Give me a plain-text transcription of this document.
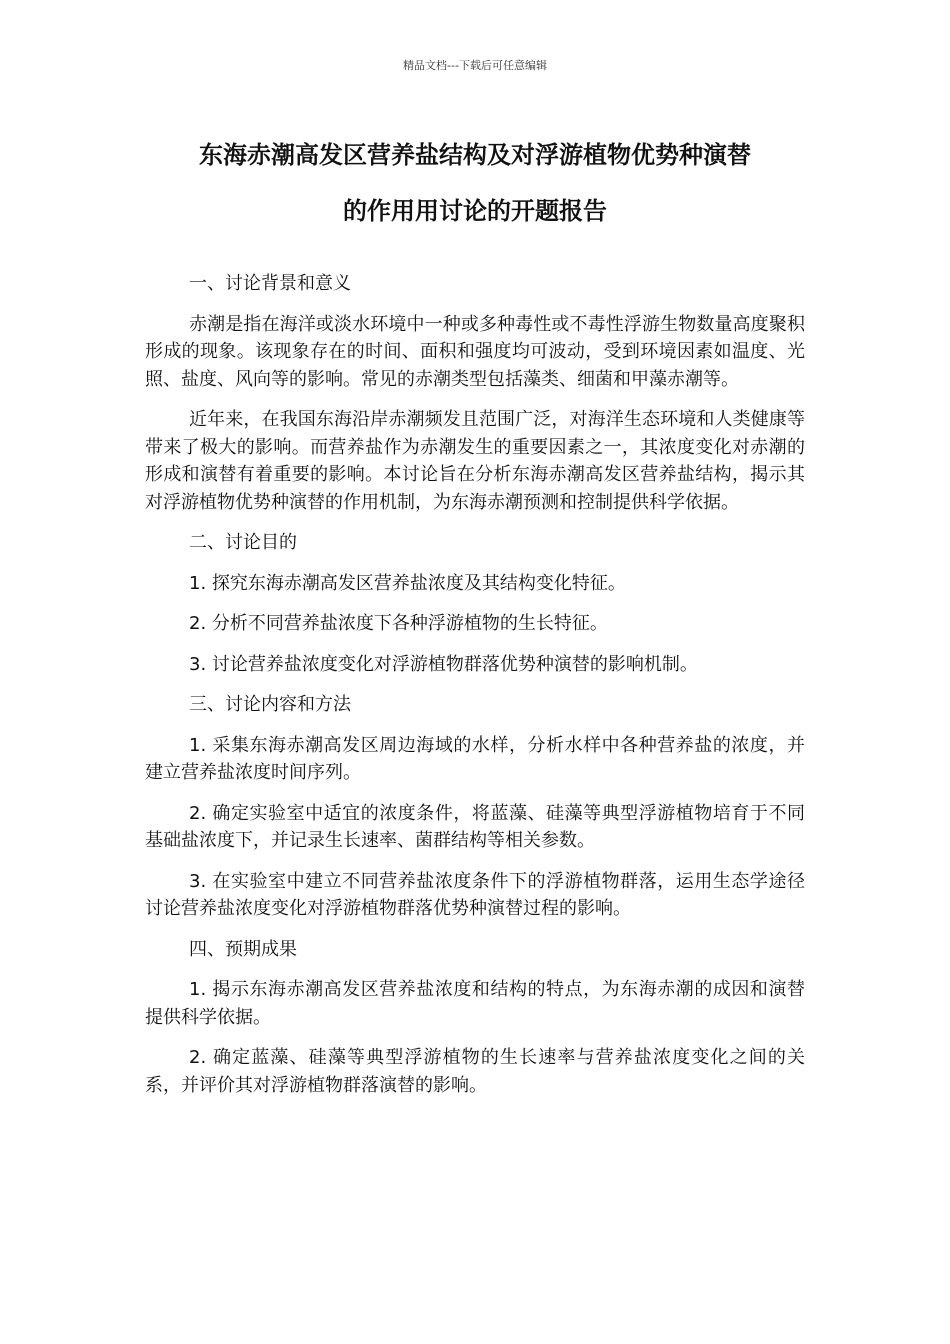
精品文档---下载后可任意编辑
东海赤潮高发区营养盐结构及对浮游植物优势种演替
的作用用讨论的开题报告

一、讨论背景和意义

赤潮是指在海洋或淡水环境中一种或多种毒性或不毒性浮游生物数量高度聚积形成的现象。该现象存在的时间、面积和强度均可波动，受到环境因素如温度、光照、盐度、风向等的影响。常见的赤潮类型包括藻类、细菌和甲藻赤潮等。

近年来，在我国东海沿岸赤潮频发且范围广泛，对海洋生态环境和人类健康等带来了极大的影响。而营养盐作为赤潮发生的重要因素之一，其浓度变化对赤潮的形成和演替有着重要的影响。本讨论旨在分析东海赤潮高发区营养盐结构，揭示其对浮游植物优势种演替的作用机制，为东海赤潮预测和控制提供科学依据。

二、讨论目的

1. 探究东海赤潮高发区营养盐浓度及其结构变化特征。

2. 分析不同营养盐浓度下各种浮游植物的生长特征。

3. 讨论营养盐浓度变化对浮游植物群落优势种演替的影响机制。

三、讨论内容和方法

1. 采集东海赤潮高发区周边海域的水样，分析水样中各种营养盐的浓度，并建立营养盐浓度时间序列。

2. 确定实验室中适宜的浓度条件，将蓝藻、硅藻等典型浮游植物培育于不同基础盐浓度下，并记录生长速率、菌群结构等相关参数。

3. 在实验室中建立不同营养盐浓度条件下的浮游植物群落，运用生态学途径讨论营养盐浓度变化对浮游植物群落优势种演替过程的影响。

四、预期成果

1. 揭示东海赤潮高发区营养盐浓度和结构的特点，为东海赤潮的成因和演替提供科学依据。

2. 确定蓝藻、硅藻等典型浮游植物的生长速率与营养盐浓度变化之间的关系，并评价其对浮游植物群落演替的影响。
